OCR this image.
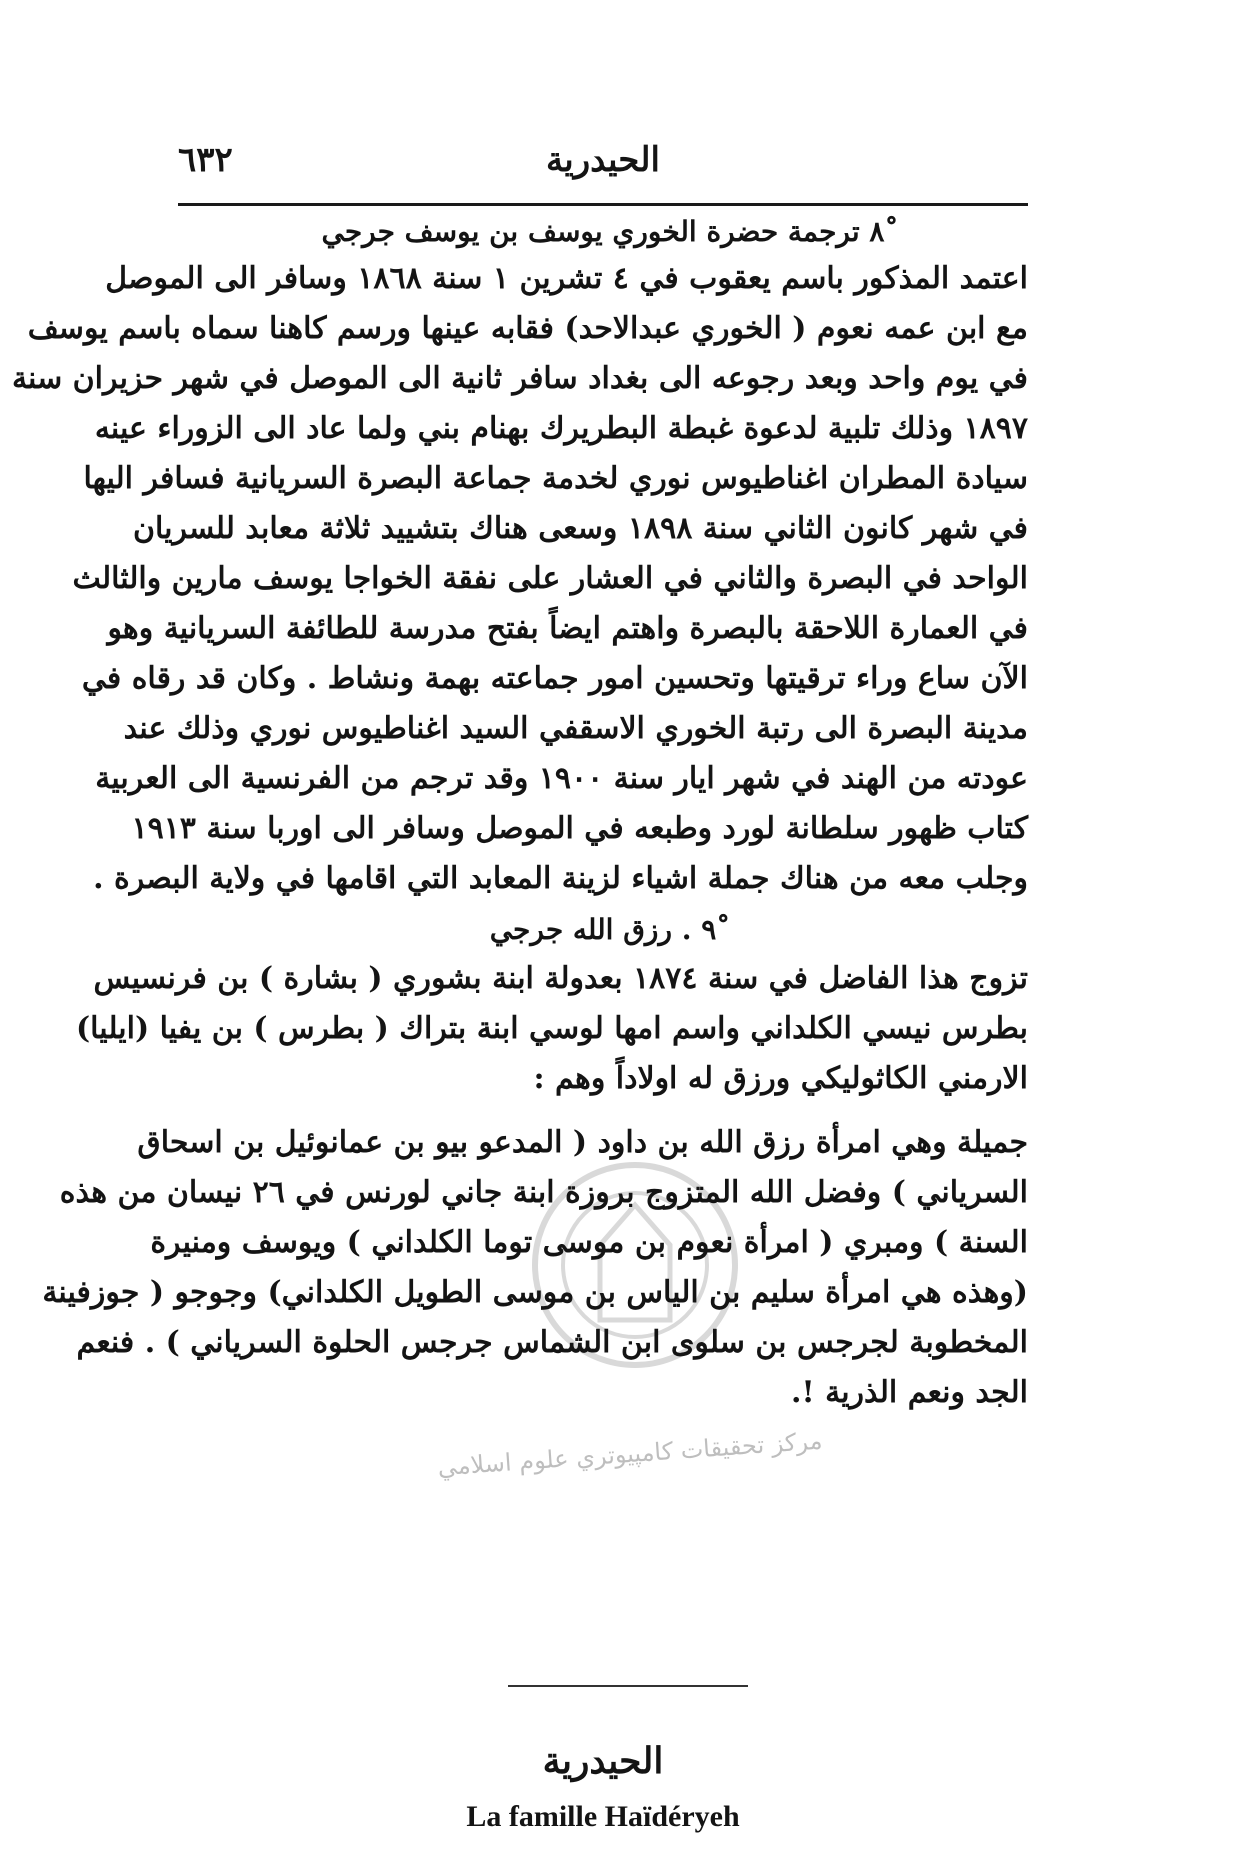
٦٣٢	الحيدرية
مركز تحقيقات كامپيوتري علوم اسلامي
٨ْ ترجمة حضرة الخوري يوسف بن يوسف جرجي
اعتمد المذكور باسم يعقوب في ٤ تشرين ١ سنة ١٨٦٨ وسافر الى الموصل
مع ابن عمه نعوم ( الخوري عبدالاحد) فقابه عينها ورسم كاهنا سماه باسم يوسف
في يوم واحد وبعد رجوعه الى بغداد سافر ثانية الى الموصل في شهر حزيران سنة
١٨٩٧ وذلك تلبية لدعوة غبطة البطريرك بهنام بني ولما عاد الى الزوراء عينه
سيادة المطران اغناطيوس نوري لخدمة جماعة البصرة السريانية فسافر اليها
في شهر كانون الثاني سنة ١٨٩٨ وسعى هناك بتشييد ثلاثة معابد للسريان
الواحد في البصرة والثاني في العشار على نفقة الخواجا يوسف مارين والثالث
في العمارة اللاحقة بالبصرة واهتم ايضاً بفتح مدرسة للطائفة السريانية وهو
الآن ساع وراء ترقيتها وتحسين امور جماعته بهمة ونشاط . وكان قد رقاه في
مدينة البصرة الى رتبة الخوري الاسقفي السيد اغناطيوس نوري وذلك عند
عودته من الهند في شهر ايار سنة ١٩٠٠ وقد ترجم من الفرنسية الى العربية
كتاب ظهور سلطانة لورد وطبعه في الموصل وسافر الى اوربا سنة ١٩١٣
وجلب معه من هناك جملة اشياء لزينة المعابد التي اقامها في ولاية البصرة .
٩ْ . رزق الله جرجي
تزوج هذا الفاضل في سنة ١٨٧٤ بعدولة ابنة بشوري ( بشارة ) بن فرنسيس
بطرس نيسي الكلداني واسم امها لوسي ابنة بتراك ( بطرس ) بن يفيا (ايليا)
الارمني الكاثوليكي ورزق له اولاداً وهم :
جميلة وهي امرأة رزق الله بن داود ( المدعو بيو بن عمانوئيل بن اسحاق
السرياني ) وفضل الله المتزوج بروزة ابنة جاني لورنس في ٢٦ نيسان من هذه
السنة ) ومبري ( امرأة نعوم بن موسى توما الكلداني ) ويوسف ومنيرة
(وهذه هي امرأة سليم بن الياس بن موسى الطويل الكلداني) وجوجو ( جوزفينة
المخطوبة لجرجس بن سلوى ابن الشماس جرجس الحلوة السرياني ) . فنعم
الجد ونعم الذرية !.
الحيدرية
La famille Haïdéryeh
